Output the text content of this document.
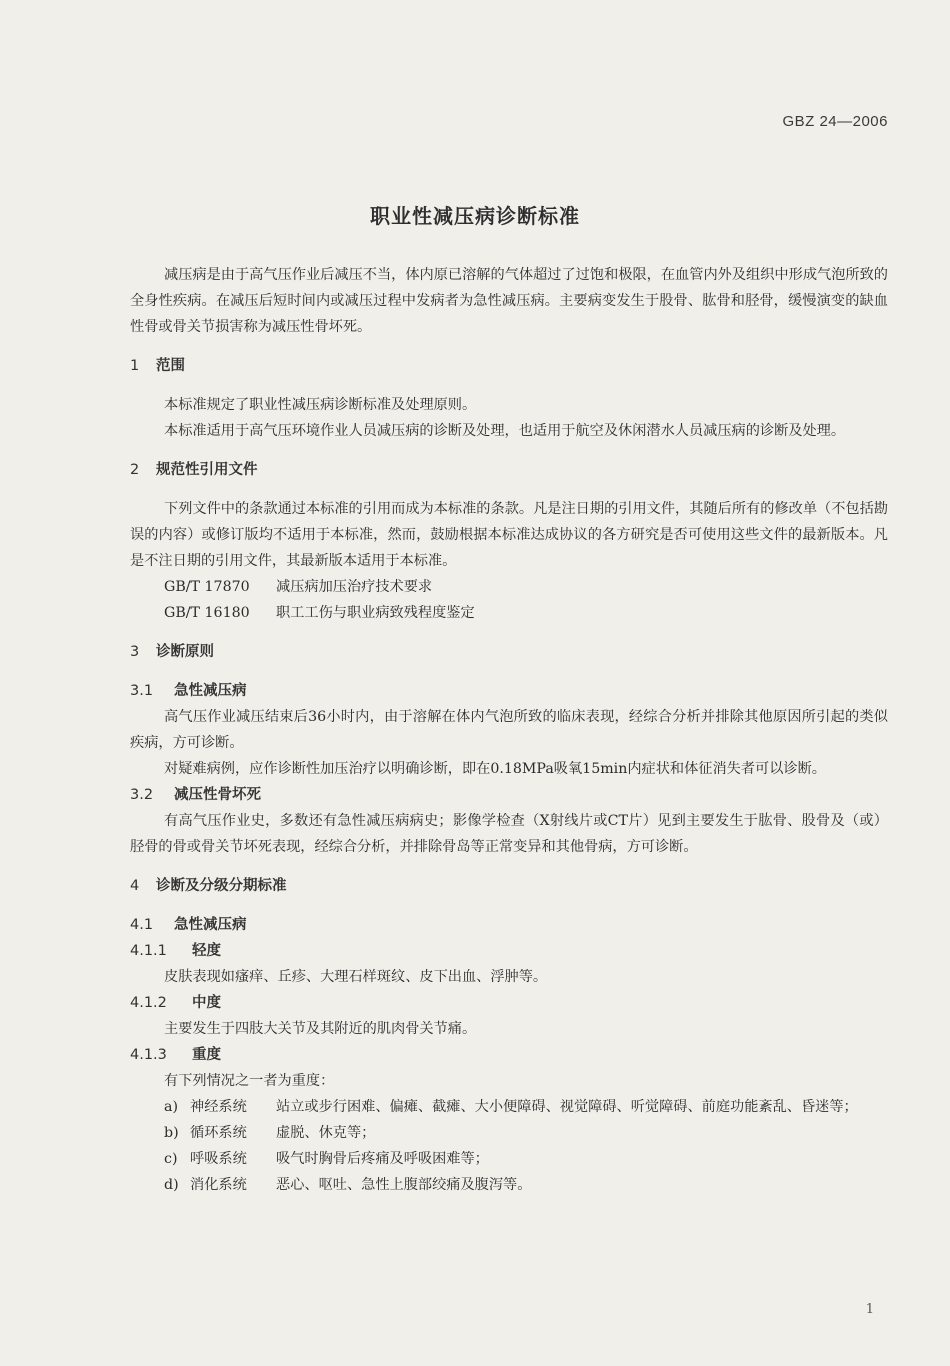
GBZ 24—2006
职业性减压病诊断标准

减压病是由于高气压作业后减压不当，体内原已溶解的气体超过了过饱和极限，在血管内外及组织中形成气泡所致的全身性疾病。在减压后短时间内或减压过程中发病者为急性减压病。主要病变发生于股骨、肱骨和胫骨，缓慢演变的缺血性骨或骨关节损害称为减压性骨坏死。

1 范围

本标准规定了职业性减压病诊断标准及处理原则。

本标准适用于高气压环境作业人员减压病的诊断及处理，也适用于航空及休闲潜水人员减压病的诊断及处理。

2 规范性引用文件

下列文件中的条款通过本标准的引用而成为本标准的条款。凡是注日期的引用文件，其随后所有的修改单（不包括勘误的内容）或修订版均不适用于本标准，然而，鼓励根据本标准达成协议的各方研究是否可使用这些文件的最新版本。凡是不注日期的引用文件，其最新版本适用于本标准。

GB/T 17870 减压病加压治疗技术要求
GB/T 16180 职工工伤与职业病致残程度鉴定
3 诊断原则
3.1 急性减压病

高气压作业减压结束后36小时内，由于溶解在体内气泡所致的临床表现，经综合分析并排除其他原因所引起的类似疾病，方可诊断。

对疑难病例，应作诊断性加压治疗以明确诊断，即在0.18MPa吸氧15min内症状和体征消失者可以诊断。

3.2 减压性骨坏死

有高气压作业史，多数还有急性减压病病史；影像学检查（X射线片或CT片）见到主要发生于肱骨、股骨及（或）胫骨的骨或骨关节坏死表现，经综合分析，并排除骨岛等正常变异和其他骨病，方可诊断。

4 诊断及分级分期标准
4.1 急性减压病
4.1.1 轻度

皮肤表现如瘙痒、丘疹、大理石样斑纹、皮下出血、浮肿等。

4.1.2 中度

主要发生于四肢大关节及其附近的肌肉骨关节痛。

4.1.3 重度

有下列情况之一者为重度：

a) 神经系统	站立或步行困难、偏瘫、截瘫、大小便障碍、视觉障碍、听觉障碍、前庭功能紊乱、昏迷等；
b) 循环系统	虚脱、休克等；
c) 呼吸系统	吸气时胸骨后疼痛及呼吸困难等；
d) 消化系统	恶心、呕吐、急性上腹部绞痛及腹泻等。
1
